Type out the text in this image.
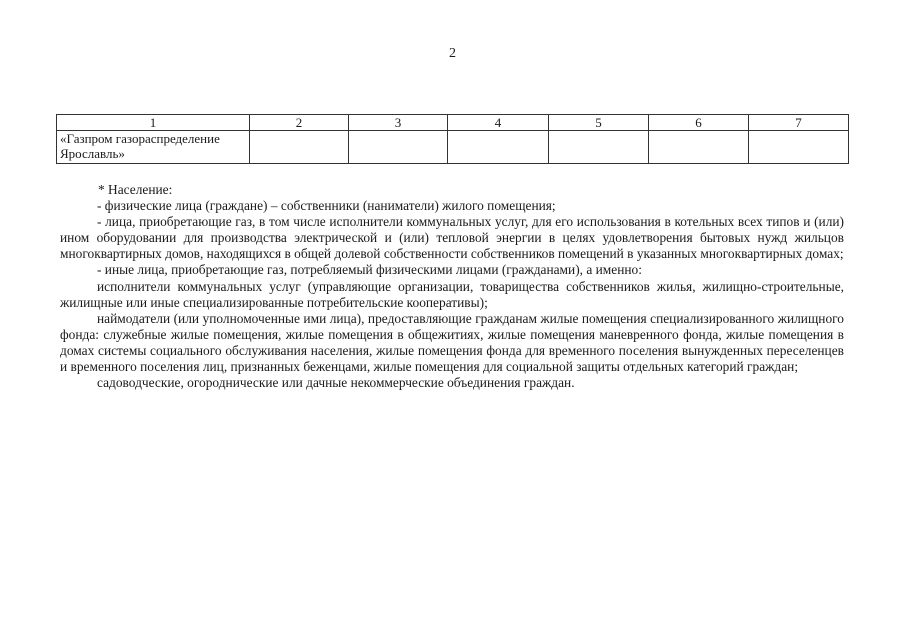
2
1	2	3	4	5	6	7
«Газпром газораспределение Ярославль»						

* Население:

- физические лица (граждане) – собственники (наниматели) жилого помещения;

- лица, приобретающие газ, в том числе исполнители коммунальных услуг, для его использования в котельных всех типов и (или) ином оборудовании для производства электрической и (или) тепловой энергии в целях удовлетворения бытовых нужд жильцов многоквартирных домов, находящихся в общей долевой собственности собственников помещений в указанных многоквартирных домах;

- иные лица, приобретающие газ, потребляемый физическими лицами (гражданами), а именно:

исполнители коммунальных услуг (управляющие организации, товарищества собственников жилья, жилищно-строительные, жилищные или иные специализированные потребительские кооперативы);

наймодатели (или уполномоченные ими лица), предоставляющие гражданам жилые помещения специализированного жилищного фонда: служебные жилые помещения, жилые помещения в общежитиях, жилые помещения маневренного фонда, жилые помещения в домах системы социального обслуживания населения, жилые помещения фонда для временного поселения вынужденных переселенцев и временного поселения лиц, признанных беженцами, жилые помещения для социальной защиты отдельных категорий граждан;

садоводческие, огороднические или дачные некоммерческие объединения граждан.
